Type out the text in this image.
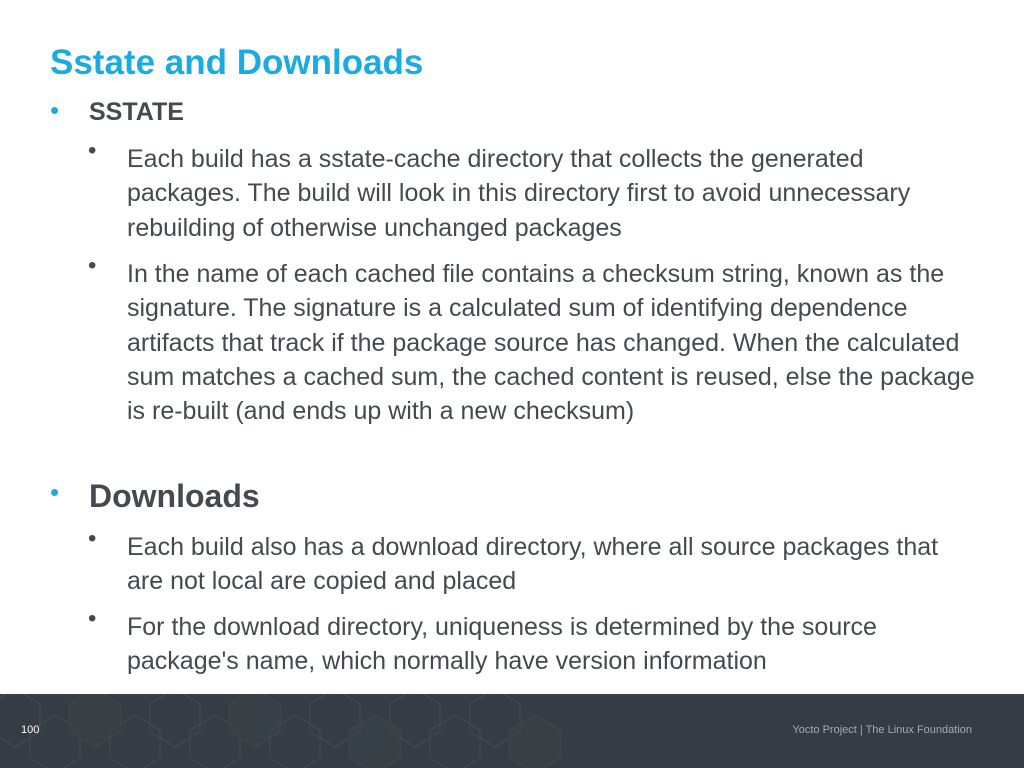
Sstate and Downloads
• SSTATE
• Each build has a sstate-cache directory that collects the generated packages. The build will look in this directory first to avoid unnecessary rebuilding of otherwise unchanged packages
• In the name of each cached file contains a checksum string, known as the signature. The signature is a calculated sum of identifying dependence artifacts that track if the package source has changed. When the calculated sum matches a cached sum, the cached content is reused, else the package is re-built (and ends up with a new checksum)
• Downloads
• Each build also has a download directory, where all source packages that are not local are copied and placed
• For the download directory, uniqueness is determined by the source package's name, which normally have version information
100	Yocto Project | The Linux Foundation
